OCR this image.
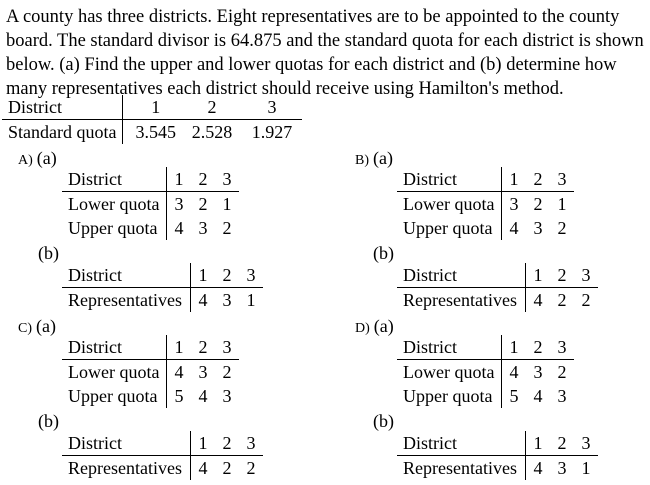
A county has three districts. Eight representatives are to be appointed to the county board. The standard divisor is 64.875 and the standard quota for each district is shown below. (a) Find the upper and lower quotas for each district and (b) determine how many representatives each district should receive using Hamilton's method.

District	1	2	3
Standard quota	3.545	2.528	1.927
A) (a)
District	1	2	3
Lower quota	3	2	1
Upper quota	4	3	2
(b)
District	1	2	3
Representatives	4	3	1
B) (a)
District	1	2	3
Lower quota	3	2	1
Upper quota	4	3	2
(b)
District	1	2	3
Representatives	4	2	2
C) (a)
District	1	2	3
Lower quota	4	3	2
Upper quota	5	4	3
(b)
District	1	2	3
Representatives	4	2	2
D) (a)
District	1	2	3
Lower quota	4	3	2
Upper quota	5	4	3
(b)
District	1	2	3
Representatives	4	3	1
